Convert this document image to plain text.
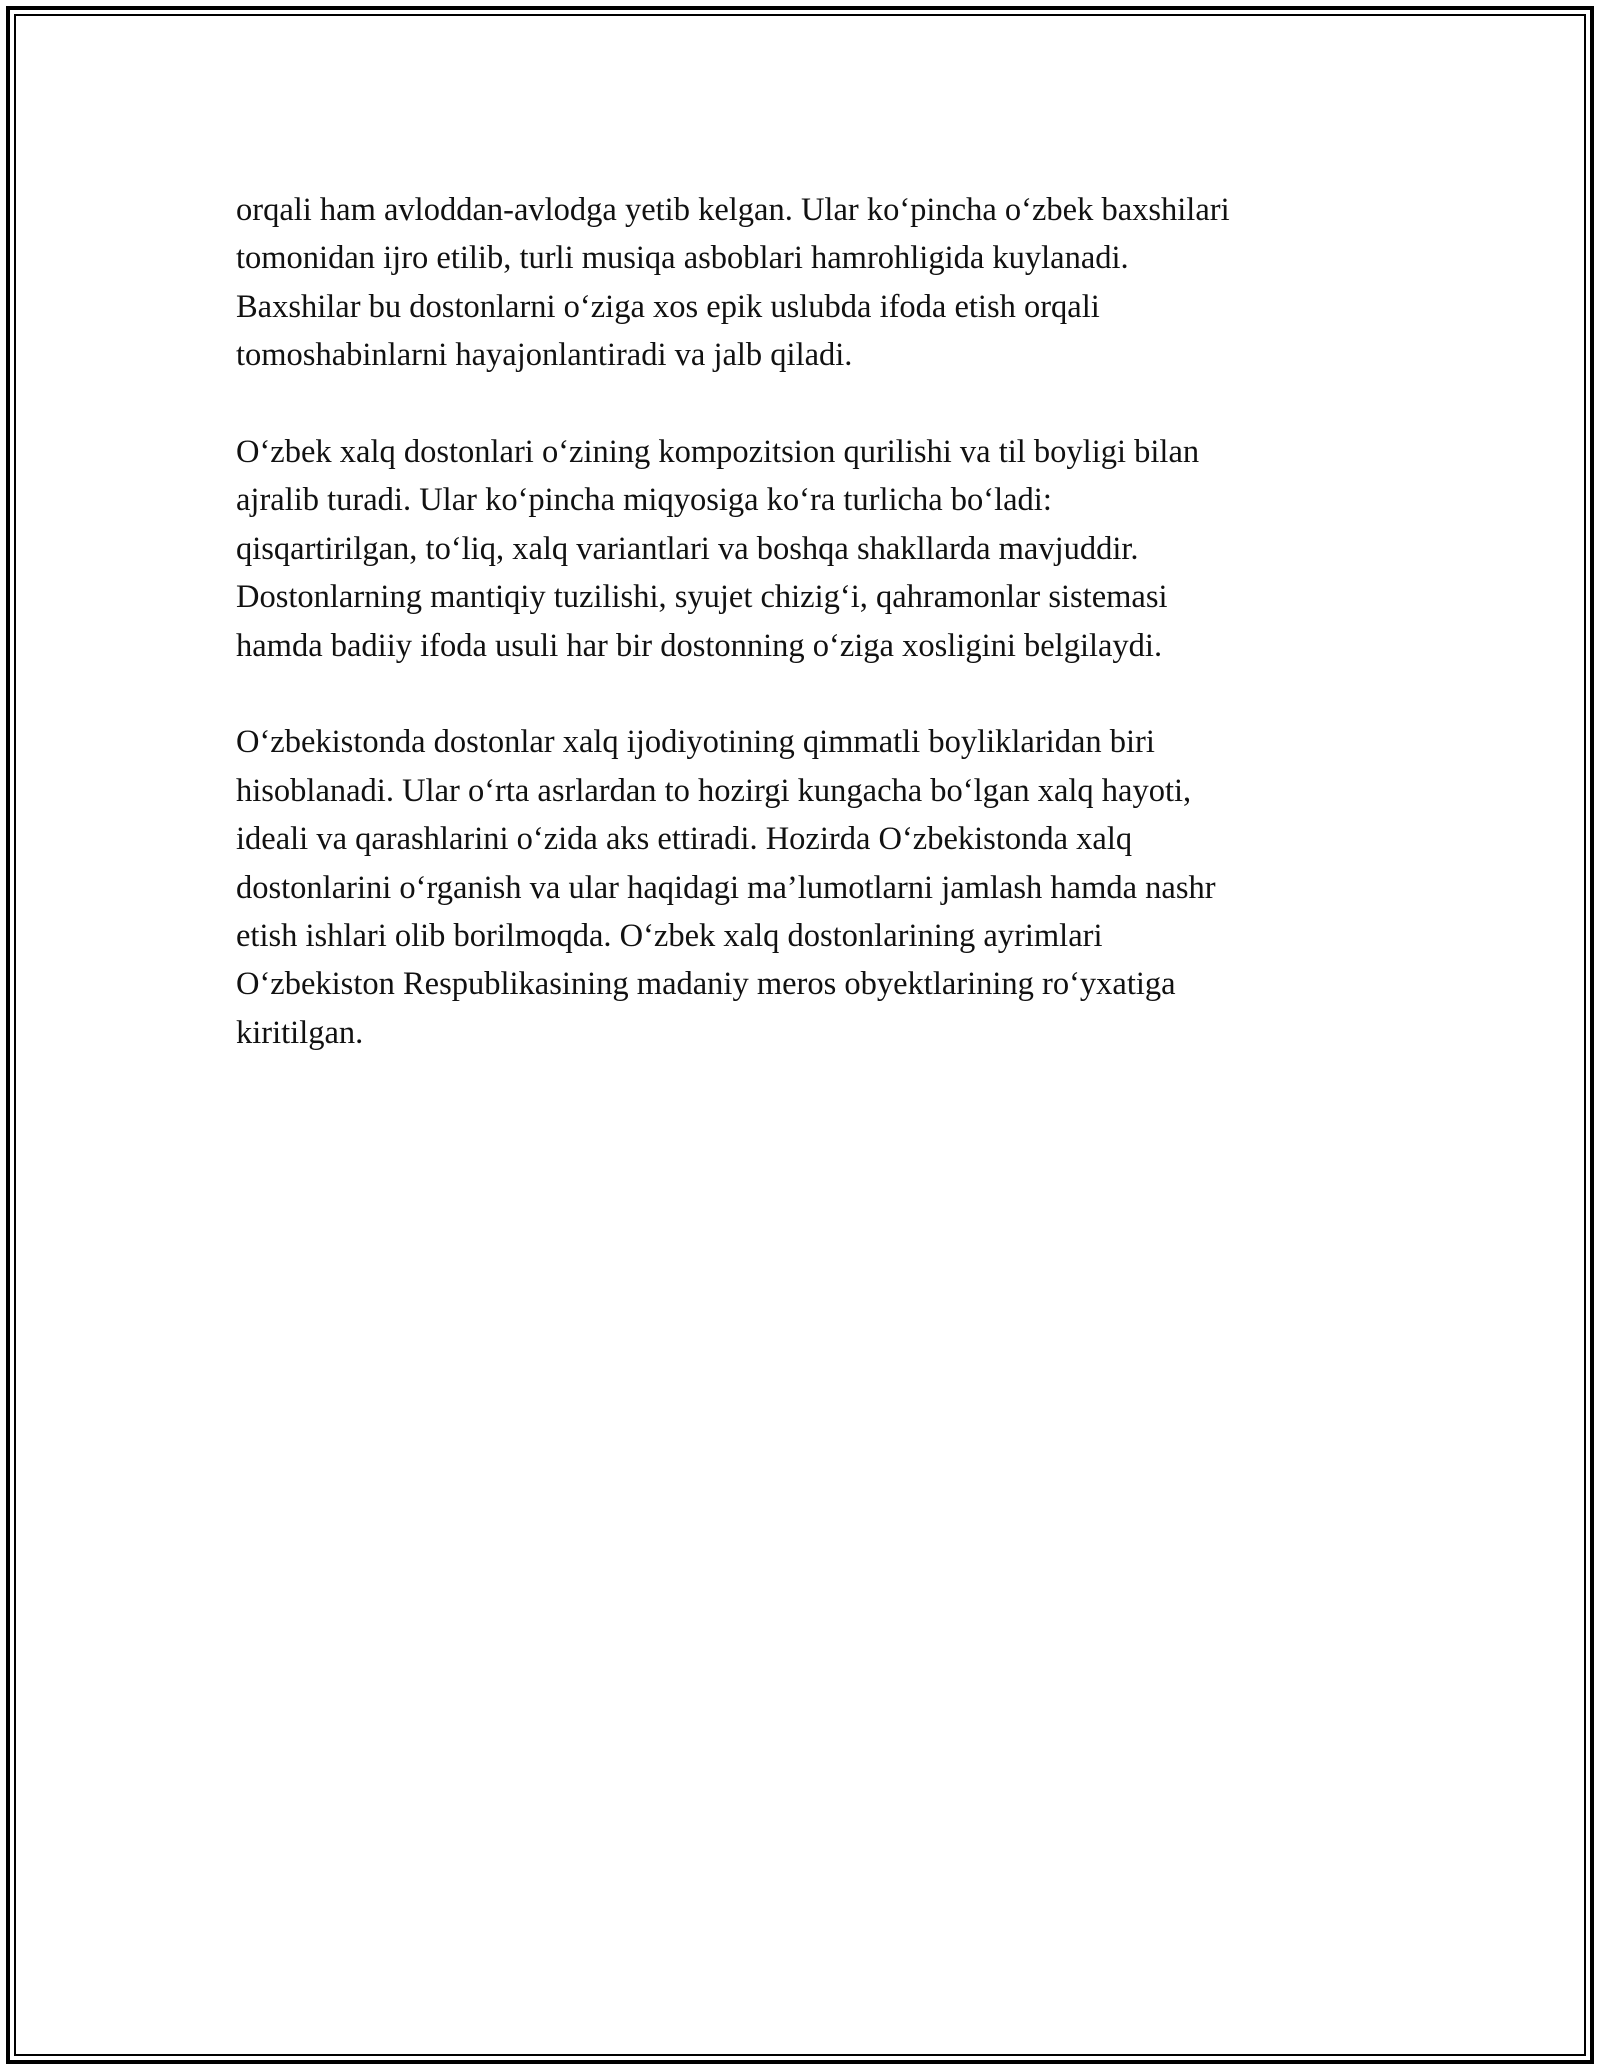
orqali ham avloddan-avlodga yetib kelgan. Ular ko‘pincha o‘zbek baxshilari
tomonidan ijro etilib, turli musiqa asboblari hamrohligida kuylanadi.
Baxshilar bu dostonlarni o‘ziga xos epik uslubda ifoda etish orqali
tomoshabinlarni hayajonlantiradi va jalb qiladi.

O‘zbek xalq dostonlari o‘zining kompozitsion qurilishi va til boyligi bilan
ajralib turadi. Ular ko‘pincha miqyosiga ko‘ra turlicha bo‘ladi:
qisqartirilgan, to‘liq, xalq variantlari va boshqa shakllarda mavjuddir.
Dostonlarning mantiqiy tuzilishi, syujet chizig‘i, qahramonlar sistemasi
hamda badiiy ifoda usuli har bir dostonning o‘ziga xosligini belgilaydi.

O‘zbekistonda dostonlar xalq ijodiyotining qimmatli boyliklaridan biri
hisoblanadi. Ular o‘rta asrlardan to hozirgi kungacha bo‘lgan xalq hayoti,
ideali va qarashlarini o‘zida aks ettiradi. Hozirda O‘zbekistonda xalq
dostonlarini o‘rganish va ular haqidagi ma’lumotlarni jamlash hamda nashr
etish ishlari olib borilmoqda. O‘zbek xalq dostonlarining ayrimlari
O‘zbekiston Respublikasining madaniy meros obyektlarining ro‘yxatiga
kiritilgan.
